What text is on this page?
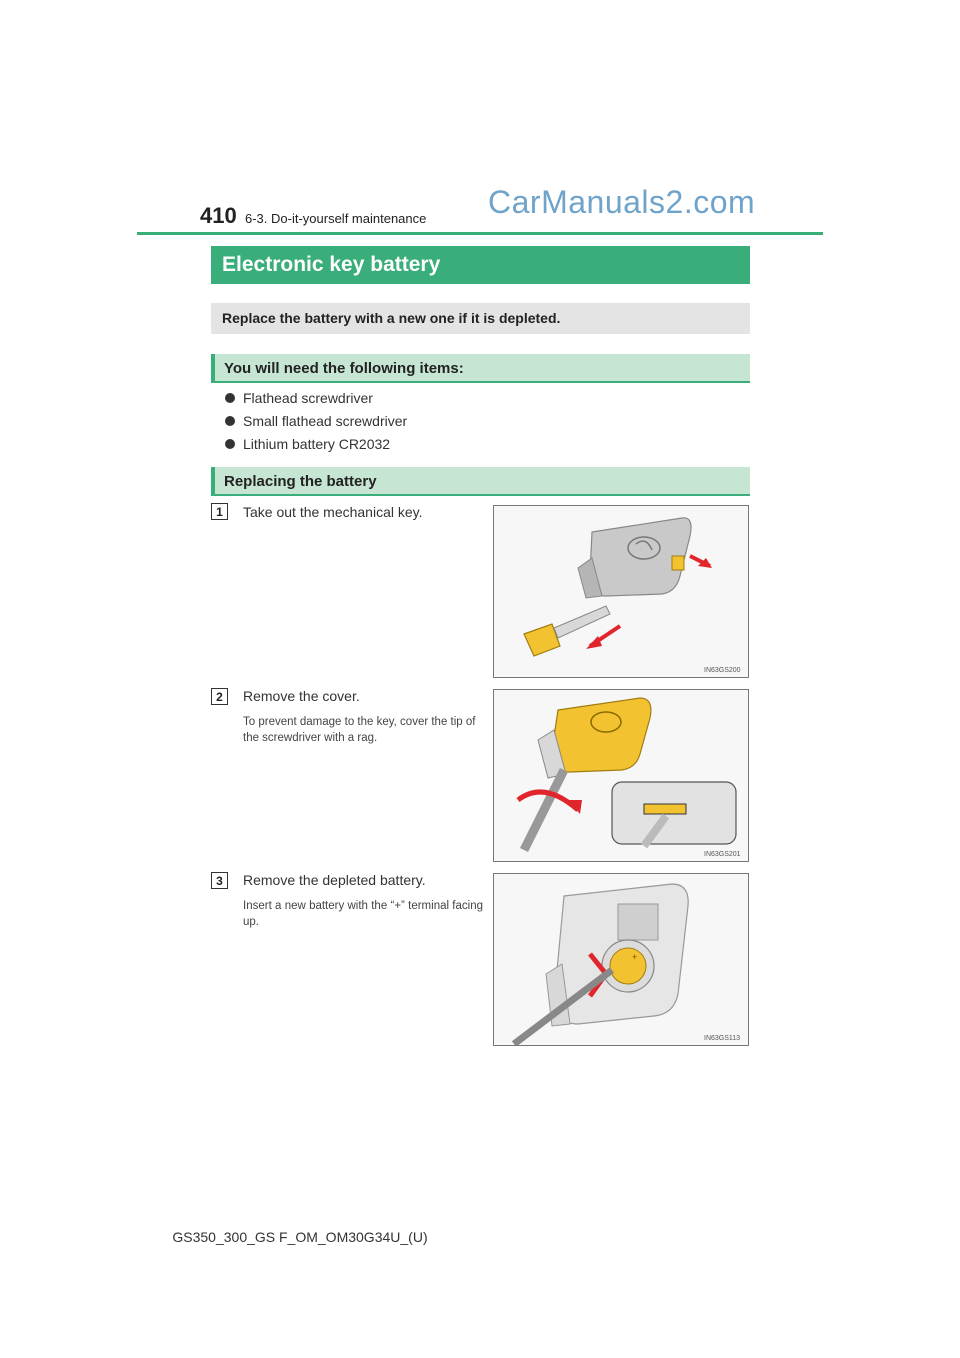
410 6-3. Do-it-yourself maintenance CarManuals2.com
Electronic key battery
Replace the battery with a new one if it is depleted.
You will need the following items:
Flathead screwdriver
Small flathead screwdriver
Lithium battery CR2032
Replacing the battery
1	Take out the mechanical key.
IN63GS200
2	Remove the cover.
To prevent damage to the key, cover the tip of the screwdriver with a rag.
IN63GS201
3	Remove the depleted battery.
Insert a new battery with the “+” terminal facing up.
+
IN63GS113
GS350_300_GS F_OM_OM30G34U_(U)
